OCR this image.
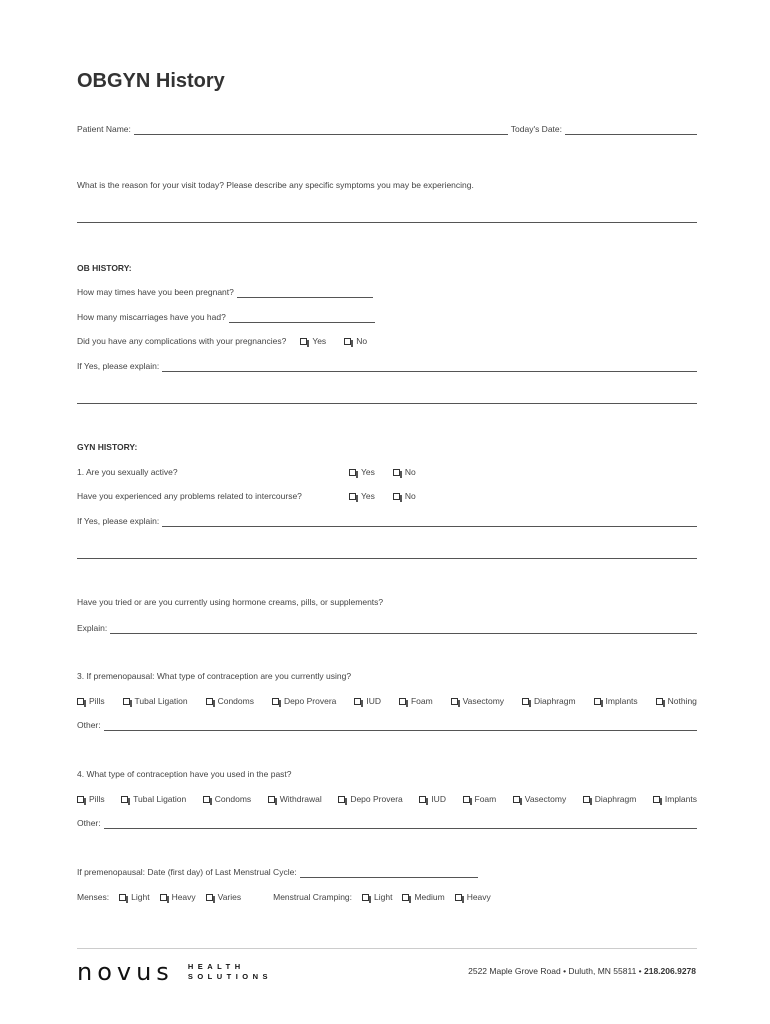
OBGYN History
Patient Name:	Today's Date:
What is the reason for your visit today? Please describe any specific symptoms you may be experiencing.
OB HISTORY:
How may times have you been pregnant?
How many miscarriages have you had?
Did you have any complications with your pregnancies?	Yes	No
If Yes, please explain:
GYN HISTORY:
1. Are you sexually active?	Yes	No
Have you experienced any problems related to intercourse?	Yes	No
If Yes, please explain:
Have you tried or are you currently using hormone creams, pills, or supplements?
Explain:
3. If premenopausal: What type of contraception are you currently using?
Pills	Tubal Ligation	Condoms	Depo Provera	IUD	Foam	Vasectomy	Diaphragm	Implants	Nothing
Other:
4. What type of contraception have you used in the past?
Pills	Tubal Ligation	Condoms	Withdrawal	Depo Provera	IUD	Foam	Vasectomy	Diaphragm	Implants
Other:
If premenopausal: Date (first day) of Last Menstrual Cycle:
Menses:	Light	Heavy	Varies	Menstrual Cramping:	Light	Medium	Heavy
novus HEALTH
SOLUTIONS
2522 Maple Grove Road • Duluth, MN 55811 • 218.206.9278
